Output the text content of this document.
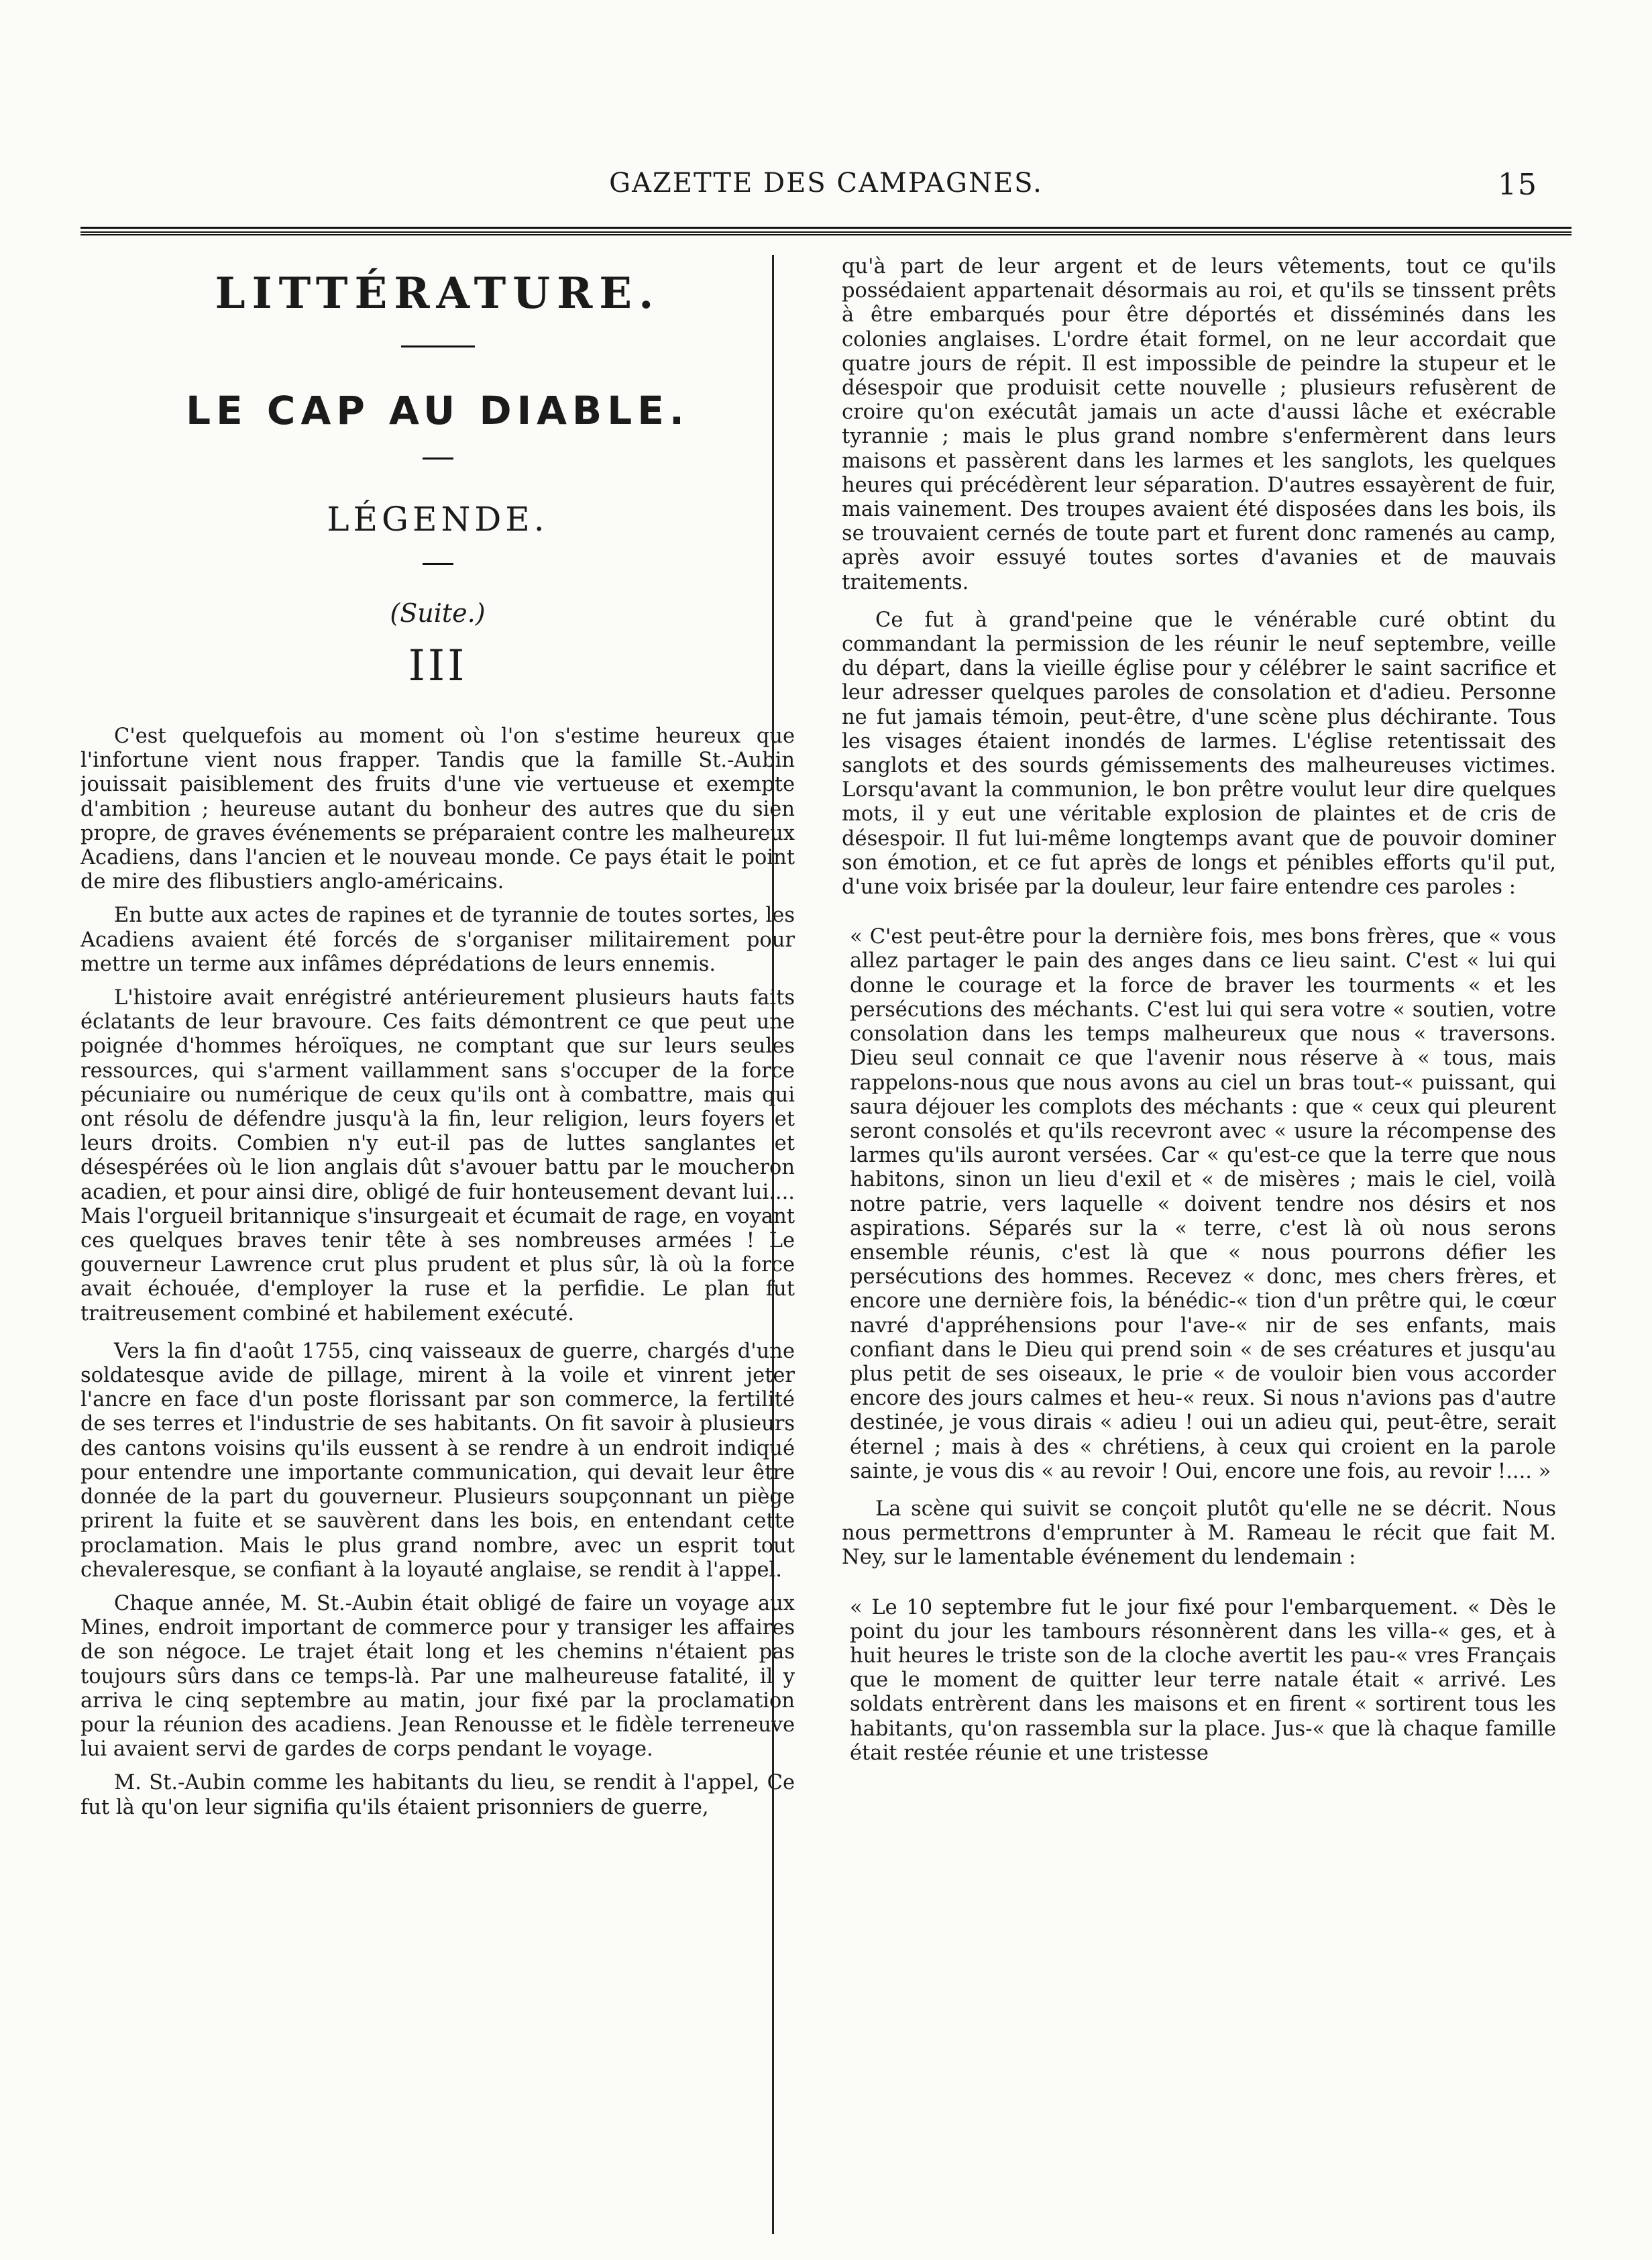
GAZETTE DES CAMPAGNES.	15
LITTÉRATURE.
LE CAP AU DIABLE.
LÉGENDE.
(Suite.)
III

C'est quelquefois au moment où l'on s'estime heureux que l'infortune vient nous frapper. Tandis que la famille St.-Aubin jouissait paisiblement des fruits d'une vie vertueuse et exempte d'ambition ; heureuse autant du bonheur des autres que du sien propre, de graves événements se préparaient contre les malheureux Acadiens, dans l'ancien et le nouveau monde. Ce pays était le point de mire des flibustiers anglo-américains.

En butte aux actes de rapines et de tyrannie de toutes sortes, les Acadiens avaient été forcés de s'organiser militairement pour mettre un terme aux infâmes déprédations de leurs ennemis.

L'histoire avait enrégistré antérieurement plusieurs hauts faits éclatants de leur bravoure. Ces faits démontrent ce que peut une poignée d'hommes héroïques, ne comptant que sur leurs seules ressources, qui s'arment vaillamment sans s'occuper de la force pécuniaire ou numérique de ceux qu'ils ont à combattre, mais qui ont résolu de défendre jusqu'à la fin, leur religion, leurs foyers et leurs droits. Combien n'y eut-il pas de luttes sanglantes et désespérées où le lion anglais dût s'avouer battu par le moucheron acadien, et pour ainsi dire, obligé de fuir honteusement devant lui.... Mais l'orgueil britannique s'insurgeait et écumait de rage, en voyant ces quelques braves tenir tête à ses nombreuses armées ! Le gouverneur Lawrence crut plus prudent et plus sûr, là où la force avait échouée, d'employer la ruse et la perfidie. Le plan fut traitreusement combiné et habilement exécuté.

Vers la fin d'août 1755, cinq vaisseaux de guerre, chargés d'une soldatesque avide de pillage, mirent à la voile et vinrent jeter l'ancre en face d'un poste florissant par son commerce, la fertilité de ses terres et l'industrie de ses habitants. On fit savoir à plusieurs des cantons voisins qu'ils eussent à se rendre à un endroit indiqué pour entendre une importante communication, qui devait leur être donnée de la part du gouverneur. Plusieurs soupçonnant un piège prirent la fuite et se sauvèrent dans les bois, en entendant cette proclamation. Mais le plus grand nombre, avec un esprit tout chevaleresque, se confiant à la loyauté anglaise, se rendit à l'appel.

Chaque année, M. St.-Aubin était obligé de faire un voyage aux Mines, endroit important de commerce pour y transiger les affaires de son négoce. Le trajet était long et les chemins n'étaient pas toujours sûrs dans ce temps-là. Par une malheureuse fatalité, il y arriva le cinq septembre au matin, jour fixé par la proclamation pour la réunion des acadiens. Jean Renousse et le fidèle terreneuve lui avaient servi de gardes de corps pendant le voyage.

M. St.-Aubin comme les habitants du lieu, se rendit à l'appel, Ce fut là qu'on leur signifia qu'ils étaient prisonniers de guerre,

qu'à part de leur argent et de leurs vêtements, tout ce qu'ils possédaient appartenait désormais au roi, et qu'ils se tinssent prêts à être embarqués pour être déportés et disséminés dans les colonies anglaises. L'ordre était formel, on ne leur accordait que quatre jours de répit. Il est impossible de peindre la stupeur et le désespoir que produisit cette nouvelle ; plusieurs refusèrent de croire qu'on exécutât jamais un acte d'aussi lâche et exécrable tyrannie ; mais le plus grand nombre s'enfermèrent dans leurs maisons et passèrent dans les larmes et les sanglots, les quelques heures qui précédèrent leur séparation. D'autres essayèrent de fuir, mais vainement. Des troupes avaient été disposées dans les bois, ils se trouvaient cernés de toute part et furent donc ramenés au camp, après avoir essuyé toutes sortes d'avanies et de mauvais traitements.

Ce fut à grand'peine que le vénérable curé obtint du commandant la permission de les réunir le neuf septembre, veille du départ, dans la vieille église pour y célébrer le saint sacrifice et leur adresser quelques paroles de consolation et d'adieu. Personne ne fut jamais témoin, peut-être, d'une scène plus déchirante. Tous les visages étaient inondés de larmes. L'église retentissait des sanglots et des sourds gémissements des malheureuses victimes. Lorsqu'avant la communion, le bon prêtre voulut leur dire quelques mots, il y eut une véritable explosion de plaintes et de cris de désespoir. Il fut lui-même longtemps avant que de pouvoir dominer son émotion, et ce fut après de longs et pénibles efforts qu'il put, d'une voix brisée par la douleur, leur faire entendre ces paroles :

« C'est peut-être pour la dernière fois, mes bons frères, que « vous allez partager le pain des anges dans ce lieu saint. C'est « lui qui donne le courage et la force de braver les tourments « et les persécutions des méchants. C'est lui qui sera votre « soutien, votre consolation dans les temps malheureux que nous « traversons. Dieu seul connait ce que l'avenir nous réserve à « tous, mais rappelons-nous que nous avons au ciel un bras tout-« puissant, qui saura déjouer les complots des méchants : que « ceux qui pleurent seront consolés et qu'ils recevront avec « usure la récompense des larmes qu'ils auront versées. Car « qu'est-ce que la terre que nous habitons, sinon un lieu d'exil et « de misères ; mais le ciel, voilà notre patrie, vers laquelle « doivent tendre nos désirs et nos aspirations. Séparés sur la « terre, c'est là où nous serons ensemble réunis, c'est là que « nous pourrons défier les persécutions des hommes. Recevez « donc, mes chers frères, et encore une dernière fois, la bénédic-« tion d'un prêtre qui, le cœur navré d'appréhensions pour l'ave-« nir de ses enfants, mais confiant dans le Dieu qui prend soin « de ses créatures et jusqu'au plus petit de ses oiseaux, le prie « de vouloir bien vous accorder encore des jours calmes et heu-« reux. Si nous n'avions pas d'autre destinée, je vous dirais « adieu ! oui un adieu qui, peut-être, serait éternel ; mais à des « chrétiens, à ceux qui croient en la parole sainte, je vous dis « au revoir ! Oui, encore une fois, au revoir !.... »

La scène qui suivit se conçoit plutôt qu'elle ne se décrit. Nous nous permettrons d'emprunter à M. Rameau le récit que fait M. Ney, sur le lamentable événement du lendemain :

« Le 10 septembre fut le jour fixé pour l'embarquement. « Dès le point du jour les tambours résonnèrent dans les villa-« ges, et à huit heures le triste son de la cloche avertit les pau-« vres Français que le moment de quitter leur terre natale était « arrivé. Les soldats entrèrent dans les maisons et en firent « sortirent tous les habitants, qu'on rassembla sur la place. Jus-« que là chaque famille était restée réunie et une tristesse
